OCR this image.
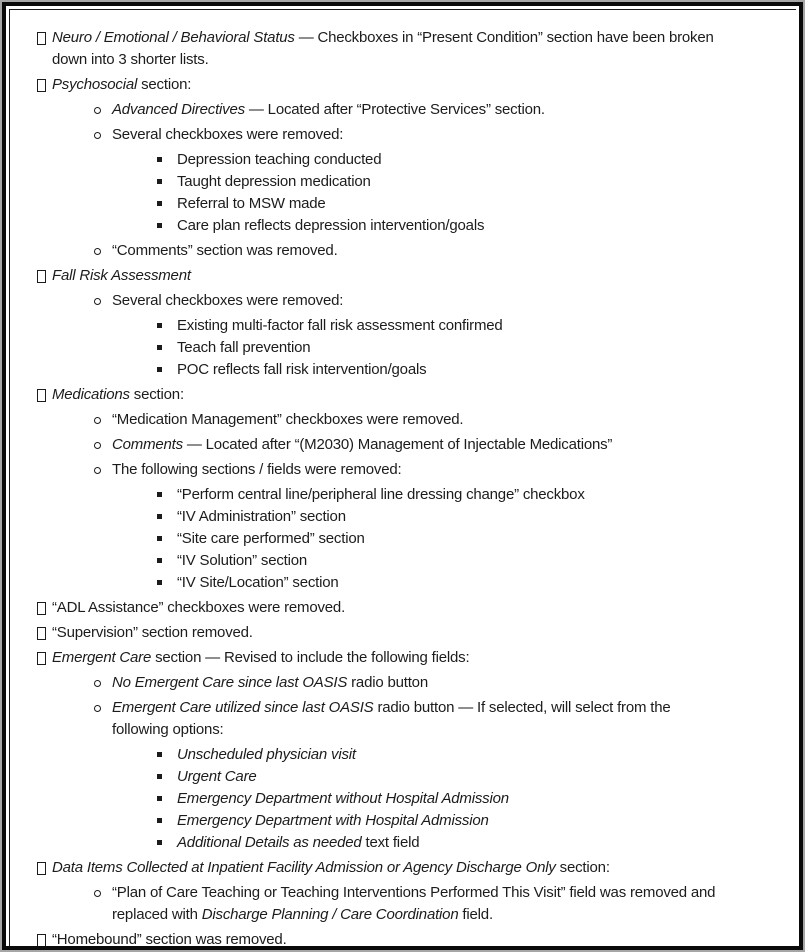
Neuro / Emotional / Behavioral Status — Checkboxes in “Present Condition” section have been broken
down into 3 shorter lists.
Psychosocial section:
Advanced Directives — Located after “Protective Services” section.
Several checkboxes were removed:
Depression teaching conducted
Taught depression medication
Referral to MSW made
Care plan reflects depression intervention/goals
“Comments” section was removed.
Fall Risk Assessment
Several checkboxes were removed:
Existing multi-factor fall risk assessment confirmed
Teach fall prevention
POC reflects fall risk intervention/goals
Medications section:
“Medication Management” checkboxes were removed.
Comments — Located after “(M2030) Management of Injectable Medications”
The following sections / fields were removed:
“Perform central line/peripheral line dressing change” checkbox
“IV Administration” section
“Site care performed” section
“IV Solution” section
“IV Site/Location” section
“ADL Assistance” checkboxes were removed.
“Supervision” section removed.
Emergent Care section — Revised to include the following fields:
No Emergent Care since last OASIS radio button
Emergent Care utilized since last OASIS radio button — If selected, will select from the
following options:
Unscheduled physician visit
Urgent Care
Emergency Department without Hospital Admission
Emergency Department with Hospital Admission
Additional Details as needed text field
Data Items Collected at Inpatient Facility Admission or Agency Discharge Only section:
“Plan of Care Teaching or Teaching Interventions Performed This Visit” field was removed and
replaced with Discharge Planning / Care Coordination field.
“Homebound” section was removed.
